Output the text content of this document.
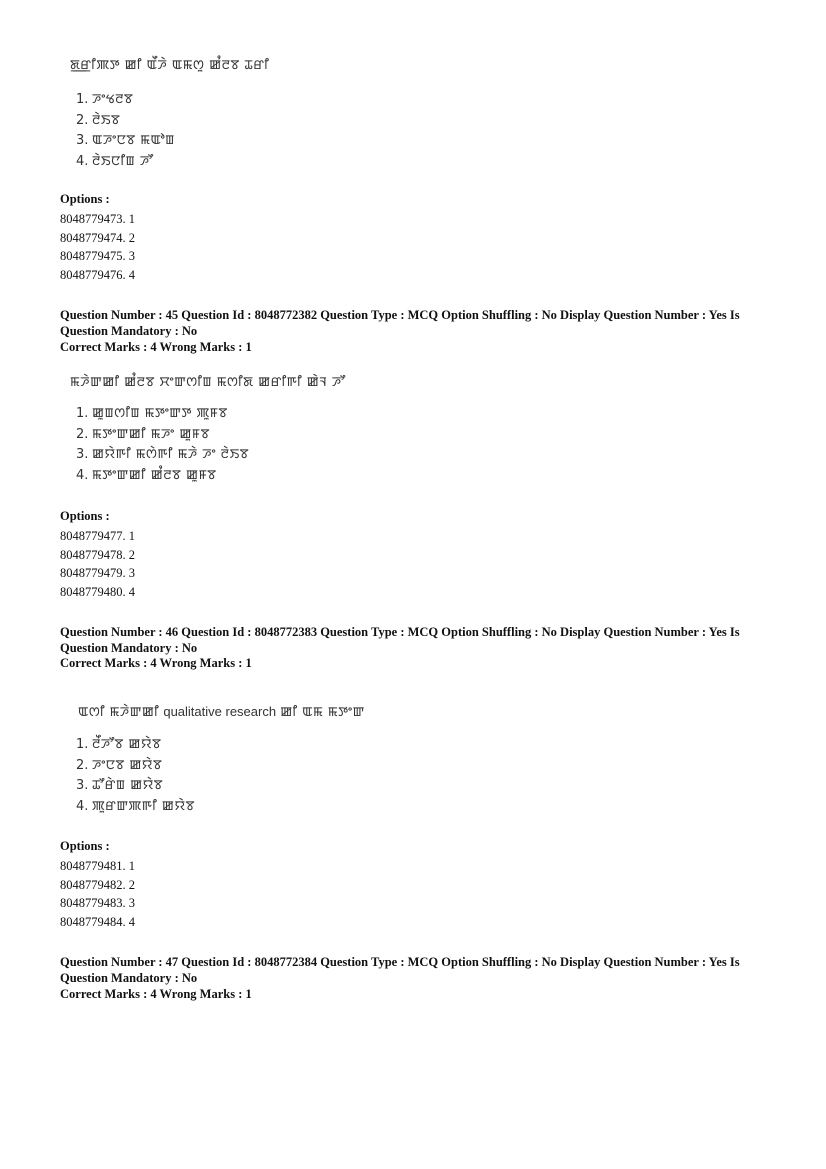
ꯗ꯭ꯔꯤꯄꯇ ꯀꯤ ꯑꯩꯍꯥ ꯑꯃꯁꯨ ꯀꯪꯂꯕ ꯊꯔꯤ
1. ꯍꯦꯠꯂꯕ
2. ꯂꯥꯏꯕ
3. ꯑꯍꯦꯅꯕ ꯃꯑꯣꯡ
4. ꯂꯥꯏꯅꯤꯡ ꯍꯧ
Options :
8048779473. 1
8048779474. 2
8048779475. 3
8048779476. 4
Question Number : 45 Question Id : 8048772382 Question Type : MCQ Option Shuffling : No Display Question Number : Yes Is
Question Mandatory : No
Correct Marks : 4 Wrong Marks : 1
ꯃꯍꯥꯛꯀꯤ ꯀꯪꯂꯕ ꯆꯦꯛꯁꯤꯡ ꯃꯁꯤꯗ ꯀꯔꯤꯒꯤ ꯀꯥꯜ ꯍꯧ
1. ꯀꯨꯡꯁꯤꯡ ꯃꯇꯦꯛꯇ ꯄꯨꯝꯕ
2. ꯃꯇꯦꯛꯀꯤ ꯃꯍꯦ ꯀꯨꯝꯕ
3. ꯀꯌꯥꯒꯤ ꯃꯁꯥꯒꯤ ꯃꯍꯥ ꯍꯦ ꯂꯥꯏꯕ
4. ꯃꯇꯦꯛꯀꯤ ꯀꯪꯂꯕ ꯀꯨꯝꯕ
Options :
8048779477. 1
8048779478. 2
8048779479. 3
8048779480. 4
Question Number : 46 Question Id : 8048772383 Question Type : MCQ Option Shuffling : No Display Question Number : Yes Is
Question Mandatory : No
Correct Marks : 4 Wrong Marks : 1
ꯑꯁꯤ ꯃꯍꯥꯛꯀꯤ qualitative research ꯀꯤ ꯑꯃ ꯃꯇꯦꯛ
1. ꯂꯩꯍꯧꯕ ꯀꯌꯥꯕ
2. ꯍꯦꯅꯕ ꯀꯌꯥꯕ
3. ꯊꯧꯔꯥꯡ ꯀꯌꯥꯕ
4. ꯄꯨꯔꯛꯄꯒꯤ ꯀꯌꯥꯕ
Options :
8048779481. 1
8048779482. 2
8048779483. 3
8048779484. 4
Question Number : 47 Question Id : 8048772384 Question Type : MCQ Option Shuffling : No Display Question Number : Yes Is
Question Mandatory : No
Correct Marks : 4 Wrong Marks : 1
